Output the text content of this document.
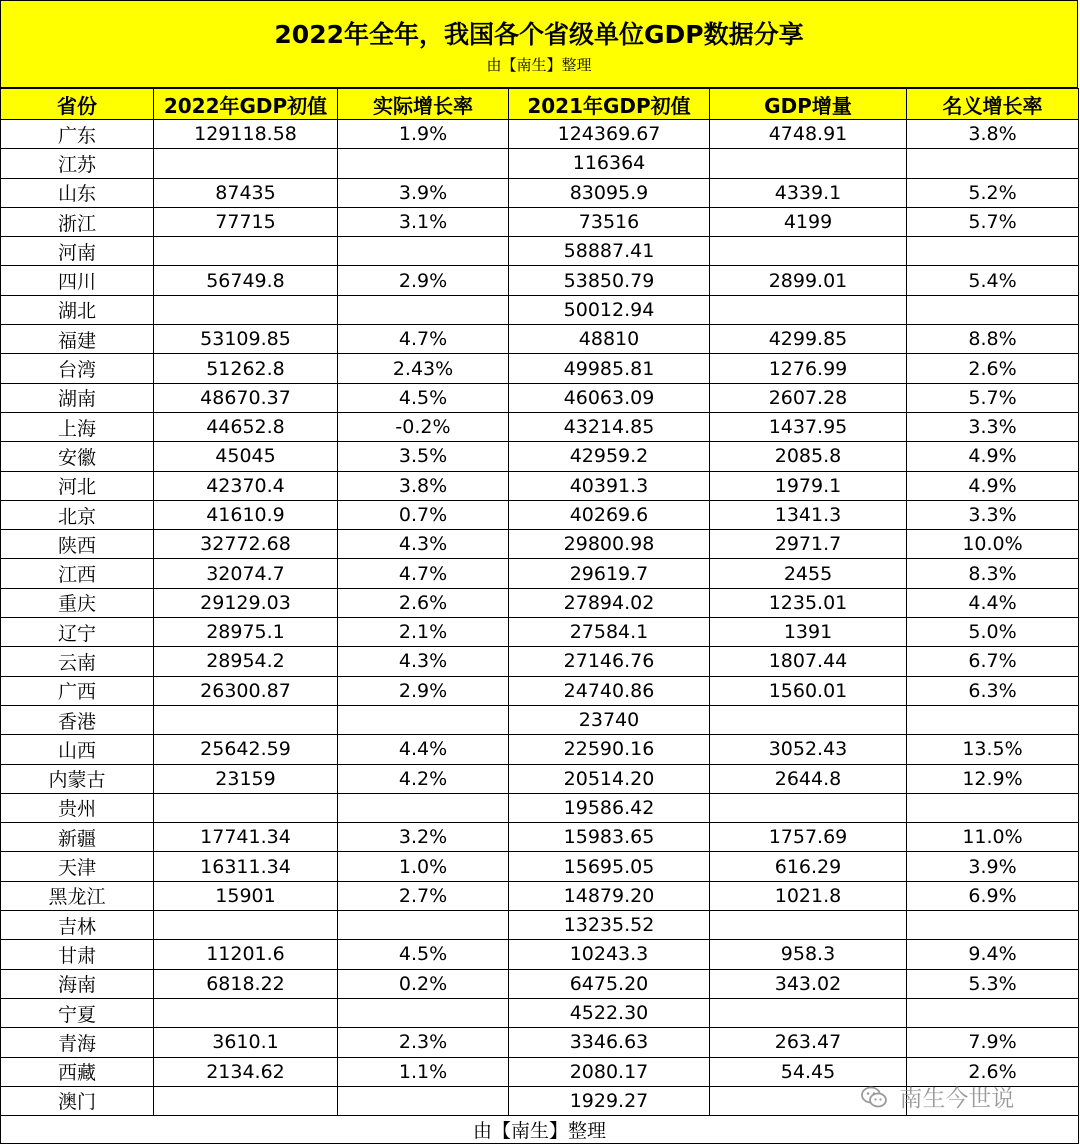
2022年全年，我国各个省级单位GDP数据分享
由【南生】整理
省份	2022年GDP初值	实际增长率	2021年GDP初值	GDP增量	名义增长率
广东	129118.58	1.9%	124369.67	4748.91	3.8%
江苏			116364		
山东	87435	3.9%	83095.9	4339.1	5.2%
浙江	77715	3.1%	73516	4199	5.7%
河南			58887.41		
四川	56749.8	2.9%	53850.79	2899.01	5.4%
湖北			50012.94		
福建	53109.85	4.7%	48810	4299.85	8.8%
台湾	51262.8	2.43%	49985.81	1276.99	2.6%
湖南	48670.37	4.5%	46063.09	2607.28	5.7%
上海	44652.8	-0.2%	43214.85	1437.95	3.3%
安徽	45045	3.5%	42959.2	2085.8	4.9%
河北	42370.4	3.8%	40391.3	1979.1	4.9%
北京	41610.9	0.7%	40269.6	1341.3	3.3%
陕西	32772.68	4.3%	29800.98	2971.7	10.0%
江西	32074.7	4.7%	29619.7	2455	8.3%
重庆	29129.03	2.6%	27894.02	1235.01	4.4%
辽宁	28975.1	2.1%	27584.1	1391	5.0%
云南	28954.2	4.3%	27146.76	1807.44	6.7%
广西	26300.87	2.9%	24740.86	1560.01	6.3%
香港			23740		
山西	25642.59	4.4%	22590.16	3052.43	13.5%
内蒙古	23159	4.2%	20514.20	2644.8	12.9%
贵州			19586.42		
新疆	17741.34	3.2%	15983.65	1757.69	11.0%
天津	16311.34	1.0%	15695.05	616.29	3.9%
黑龙江	15901	2.7%	14879.20	1021.8	6.9%
吉林			13235.52		
甘肃	11201.6	4.5%	10243.3	958.3	9.4%
海南	6818.22	0.2%	6475.20	343.02	5.3%
宁夏			4522.30		
青海	3610.1	2.3%	3346.63	263.47	7.9%
西藏	2134.62	1.1%	2080.17	54.45	2.6%
澳门			1929.27		
由【南生】整理					
南生今世说
